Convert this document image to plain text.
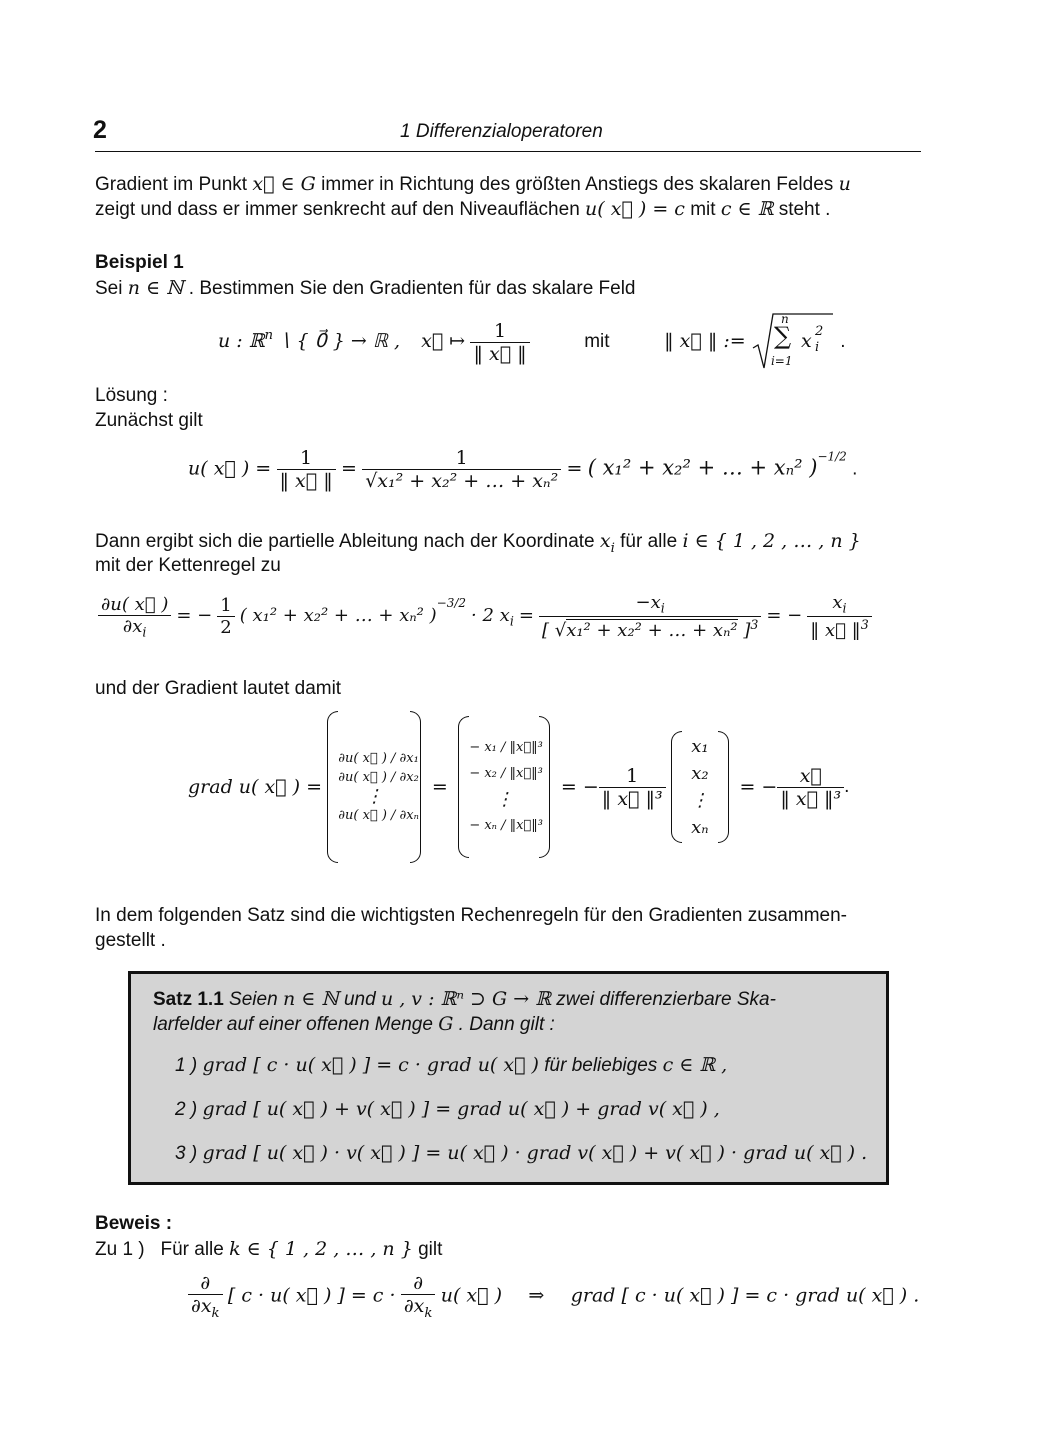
2	1 Differenzialoperatoren
Gradient im Punkt x⃗ ∈ G immer in Richtung des größten Anstiegs des skalaren Feldes u
zeigt und dass er immer senkrecht auf den Niveauflächen u( x⃗ ) = c mit c ∈ ℝ steht .
Beispiel 1
Sei n ∈ ℕ . Bestimmen Sie den Gradienten für das skalare Feld
u : ℝ$^n$ ∖ { 0⃗ } → ℝ , x⃗ ↦ $\frac{1}{‖ x⃗ ‖}$	mit	‖ x⃗ ‖ :=
n
∑
i=1
x 2
i .
Lösung :
Zunächst gilt
u( x⃗ ) = $\frac{1}{‖ x⃗ ‖} = \frac{1}{\text{√x₁² + x₂² + … + xₙ²}}$ = ( x₁² + x₂² + … + xₙ² )$^{-1/2}$ .
Dann ergibt sich die partielle Ableitung nach der Koordinate $x_i$ für alle i ∈ { 1 , 2 , … , n }
mit der Kettenregel zu
$\frac{\partial u( x⃗ )}{\partial x_i}$ = − $\frac{1}{2}$ ( x₁² + x₂² + … + xₙ² )$^{-3/2}$ · 2 $x_i = \frac{-x_i}{[ √x_1^2 + x_2^2 + \dots + x_n^2 ]^3}$ = − $\frac{x_i}{‖ x⃗ ‖^3}$
und der Gradient lautet damit
grad u( x⃗ ) =

∂u( x⃗ ) / ∂x₁
∂u( x⃗ ) / ∂x₂
⋮
∂u( x⃗ ) / ∂xₙ

=

− x₁ / ‖x⃗‖³
− x₂ / ‖x⃗‖³
⋮
− xₙ / ‖x⃗‖³

= − $\frac{1}{\text{‖ x⃗ ‖³}}$

x₁
x₂
⋮
xₙ

= − $\frac{x⃗}{\text{‖ x⃗ ‖³}}$ .
In dem folgenden Satz sind die wichtigsten Rechenregeln für den Gradienten zusammen-
gestellt .
Satz 1.1 Seien n ∈ ℕ und u , v : ℝⁿ ⊃ G → ℝ zwei differenzierbare Ska-
larfelder auf einer offenen Menge G . Dann gilt :
1 ) grad [ c · u( x⃗ ) ] = c · grad u( x⃗ ) für beliebiges c ∈ ℝ ,
2 ) grad [ u( x⃗ ) + v( x⃗ ) ] = grad u( x⃗ ) + grad v( x⃗ ) ,
3 ) grad [ u( x⃗ ) · v( x⃗ ) ] = u( x⃗ ) · grad v( x⃗ ) + v( x⃗ ) · grad u( x⃗ ) .
Beweis :
Zu 1 ) Für alle k ∈ { 1 , 2 , … , n } gilt
$\frac{\partial}{\partial x_k}$ [ c · u( x⃗ ) ] = $c \cdot \frac{\partial}{\partial x_k} u$( x⃗ ) ⇒ grad [ c · u( x⃗ ) ] = c · grad u( x⃗ ) .
